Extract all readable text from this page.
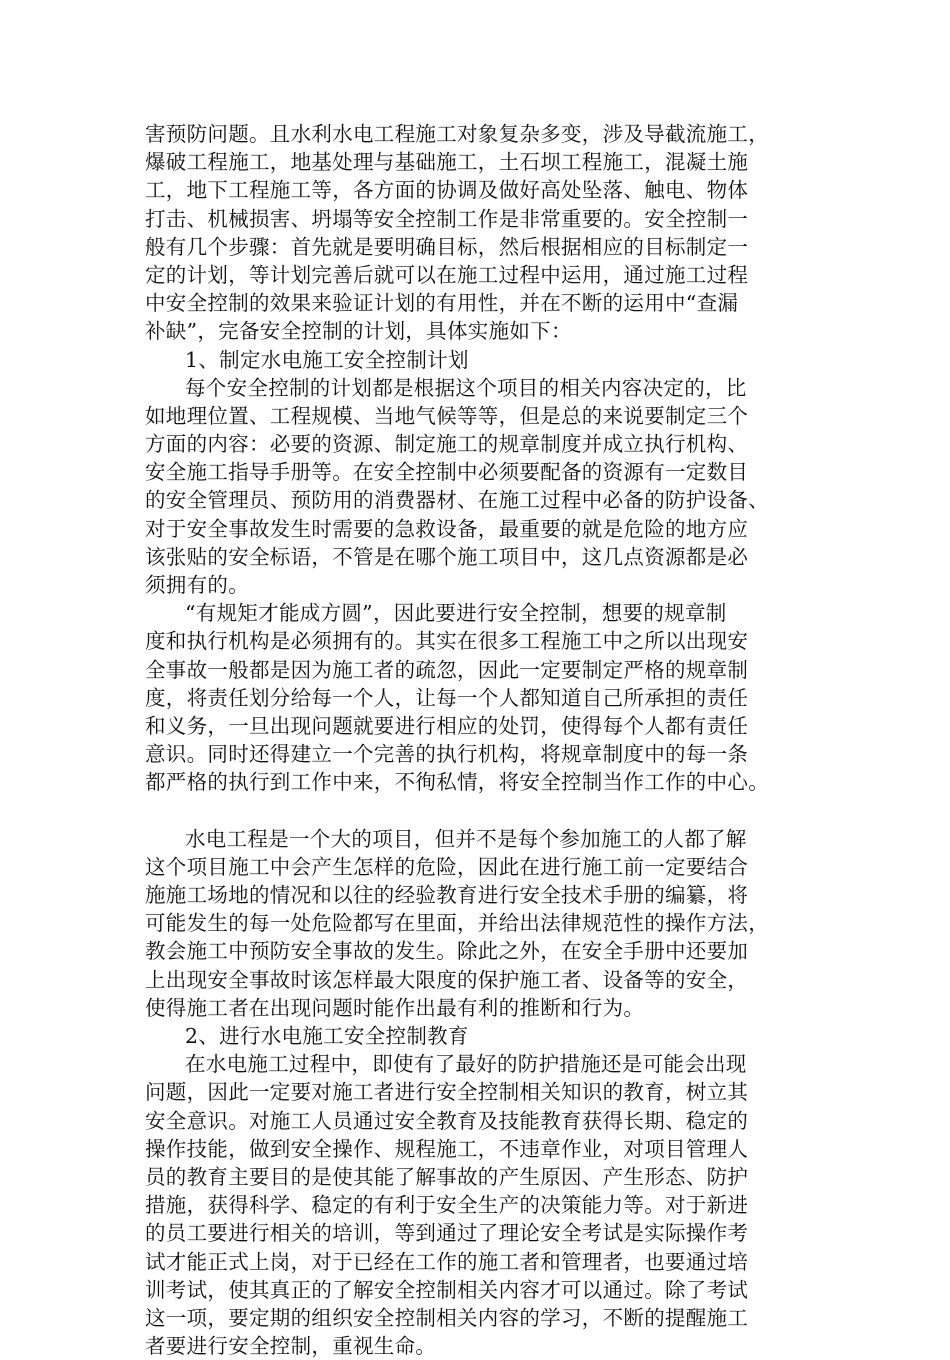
害预防问题。且水利水电工程施工对象复杂多变，涉及导截流施工，
爆破工程施工，地基处理与基础施工，土石坝工程施工，混凝土施
工，地下工程施工等，各方面的协调及做好高处坠落、触电、物体
打击、机械损害、坍塌等安全控制工作是非常重要的。安全控制一
般有几个步骤：首先就是要明确目标，然后根据相应的目标制定一
定的计划，等计划完善后就可以在施工过程中运用，通过施工过程
中安全控制的效果来验证计划的有用性，并在不断的运用中“查漏
补缺”，完备安全控制的计划，具体实施如下：
1、制定水电施工安全控制计划
每个安全控制的计划都是根据这个项目的相关内容决定的，比
如地理位置、工程规模、当地气候等等，但是总的来说要制定三个
方面的内容：必要的资源、制定施工的规章制度并成立执行机构、
安全施工指导手册等。在安全控制中必须要配备的资源有一定数目
的安全管理员、预防用的消费器材、在施工过程中必备的防护设备、
对于安全事故发生时需要的急救设备，最重要的就是危险的地方应
该张贴的安全标语，不管是在哪个施工项目中，这几点资源都是必
须拥有的。
“有规矩才能成方圆”，因此要进行安全控制，想要的规章制
度和执行机构是必须拥有的。其实在很多工程施工中之所以出现安
全事故一般都是因为施工者的疏忽，因此一定要制定严格的规章制
度，将责任划分给每一个人，让每一个人都知道自己所承担的责任
和义务，一旦出现问题就要进行相应的处罚，使得每个人都有责任
意识。同时还得建立一个完善的执行机构，将规章制度中的每一条
都严格的执行到工作中来，不徇私情，将安全控制当作工作的中心。
水电工程是一个大的项目，但并不是每个参加施工的人都了解
这个项目施工中会产生怎样的危险，因此在进行施工前一定要结合
施施工场地的情况和以往的经验教育进行安全技术手册的编纂，将
可能发生的每一处危险都写在里面，并给出法律规范性的操作方法，
教会施工中预防安全事故的发生。除此之外，在安全手册中还要加
上出现安全事故时该怎样最大限度的保护施工者、设备等的安全，
使得施工者在出现问题时能作出最有利的推断和行为。
2、进行水电施工安全控制教育
在水电施工过程中，即使有了最好的防护措施还是可能会出现
问题，因此一定要对施工者进行安全控制相关知识的教育，树立其
安全意识。对施工人员通过安全教育及技能教育获得长期、稳定的
操作技能，做到安全操作、规程施工，不违章作业，对项目管理人
员的教育主要目的是使其能了解事故的产生原因、产生形态、防护
措施，获得科学、稳定的有利于安全生产的决策能力等。对于新进
的员工要进行相关的培训，等到通过了理论安全考试是实际操作考
试才能正式上岗，对于已经在工作的施工者和管理者，也要通过培
训考试，使其真正的了解安全控制相关内容才可以通过。除了考试
这一项，要定期的组织安全控制相关内容的学习，不断的提醒施工
者要进行安全控制，重视生命。
